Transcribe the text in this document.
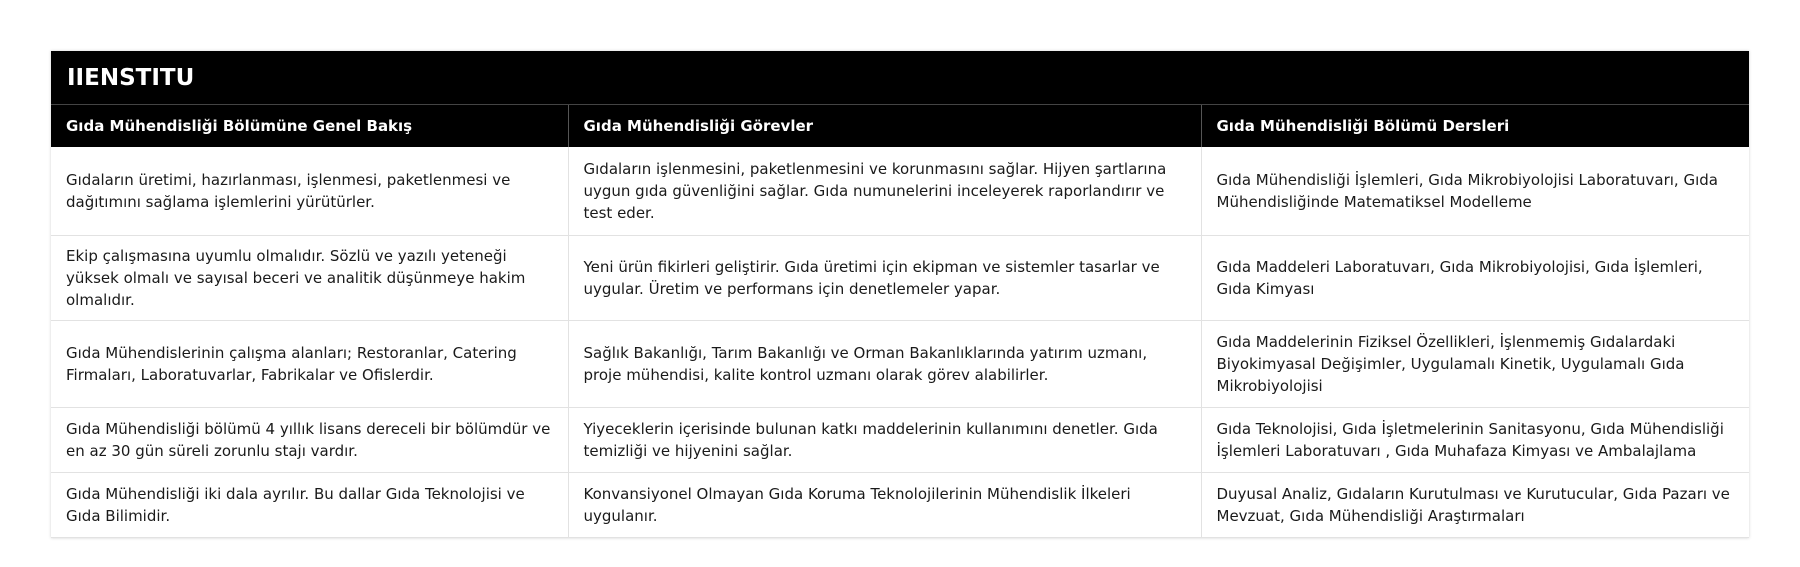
IIENSTITU
Gıda Mühendisliği Bölümüne Genel Bakış	Gıda Mühendisliği Görevler	Gıda Mühendisliği Bölümü Dersleri
Gıdaların üretimi, hazırlanması, işlenmesi, paketlenmesi ve dağıtımını sağlama işlemlerini yürütürler.	Gıdaların işlenmesini, paketlenmesini ve korunmasını sağlar. Hijyen şartlarına uygun gıda güvenliğini sağlar. Gıda numunelerini inceleyerek raporlandırır ve test eder.	Gıda Mühendisliği İşlemleri, Gıda Mikrobiyolojisi Laboratuvarı, Gıda Mühendisliğinde Matematiksel Modelleme
Ekip çalışmasına uyumlu olmalıdır. Sözlü ve yazılı yeteneği yüksek olmalı ve sayısal beceri ve analitik düşünmeye hakim olmalıdır.	Yeni ürün fikirleri geliştirir. Gıda üretimi için ekipman ve sistemler tasarlar ve uygular. Üretim ve performans için denetlemeler yapar.	Gıda Maddeleri Laboratuvarı, Gıda Mikrobiyolojisi, Gıda İşlemleri, Gıda Kimyası
Gıda Mühendislerinin çalışma alanları; Restoranlar, Catering Firmaları, Laboratuvarlar, Fabrikalar ve Ofislerdir.	Sağlık Bakanlığı, Tarım Bakanlığı ve Orman Bakanlıklarında yatırım uzmanı, proje mühendisi, kalite kontrol uzmanı olarak görev alabilirler.	Gıda Maddelerinin Fiziksel Özellikleri, İşlenmemiş Gıdalardaki Biyokimyasal Değişimler, Uygulamalı Kinetik, Uygulamalı Gıda Mikrobiyolojisi
Gıda Mühendisliği bölümü 4 yıllık lisans dereceli bir bölümdür ve en az 30 gün süreli zorunlu stajı vardır.	Yiyeceklerin içerisinde bulunan katkı maddelerinin kullanımını denetler. Gıda temizliği ve hijyenini sağlar.	Gıda Teknolojisi, Gıda İşletmelerinin Sanitasyonu, Gıda Mühendisliği İşlemleri Laboratuvarı , Gıda Muhafaza Kimyası ve Ambalajlama
Gıda Mühendisliği iki dala ayrılır. Bu dallar Gıda Teknolojisi ve Gıda Bilimidir.	Konvansiyonel Olmayan Gıda Koruma Teknolojilerinin Mühendislik İlkeleri uygulanır.	Duyusal Analiz, Gıdaların Kurutulması ve Kurutucular, Gıda Pazarı ve Mevzuat, Gıda Mühendisliği Araştırmaları
